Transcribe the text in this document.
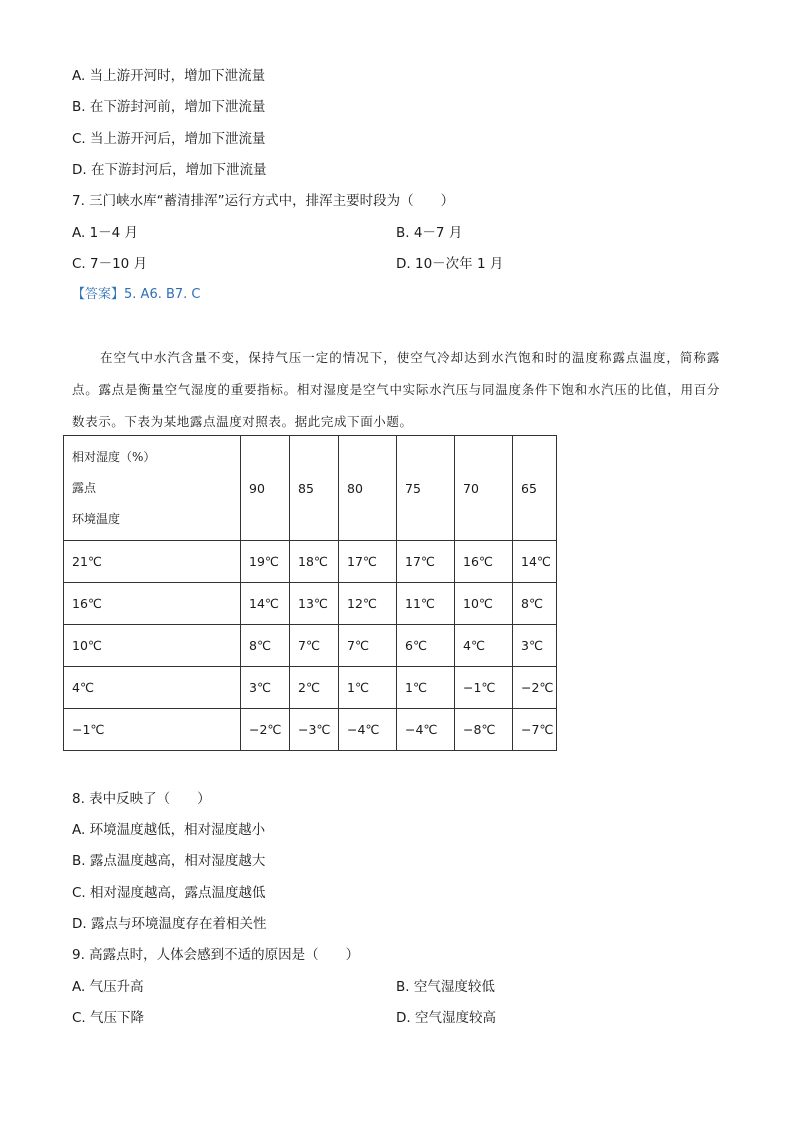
A. 当上游开河时，增加下泄流量
B. 在下游封河前，增加下泄流量
C. 当上游开河后，增加下泄流量
D. 在下游封河后，增加下泄流量
7. 三门峡水库“蓄清排浑”运行方式中，排浑主要时段为（　　）
A. 1－4 月	B. 4－7 月
C. 7－10 月	D. 10－次年 1 月
【答案】5. A6. B7. C
在空气中水汽含量不变，保持气压一定的情况下，使空气冷却达到水汽饱和时的温度称露点温度，简称露点。露点是衡量空气湿度的重要指标。相对湿度是空气中实际水汽压与同温度条件下饱和水汽压的比值，用百分数表示。下表为某地露点温度对照表。据此完成下面小题。
相对湿度（%）
露点
环境温度	90	85	80	75	70	65
21℃	19℃	18℃	17℃	17℃	16℃	14℃
16℃	14℃	13℃	12℃	11℃	10℃	8℃
10℃	8℃	7℃	7℃	6℃	4℃	3℃
4℃	3℃	2℃	1℃	1℃	−1℃	−2℃
−1℃	−2℃	−3℃	−4℃	−4℃	−8℃	−7℃
8. 表中反映了（　　）
A. 环境温度越低，相对湿度越小
B. 露点温度越高，相对湿度越大
C. 相对湿度越高，露点温度越低
D. 露点与环境温度存在着相关性
9. 高露点时，人体会感到不适的原因是（　　）
A. 气压升高	B. 空气湿度较低
C. 气压下降	D. 空气湿度较高
